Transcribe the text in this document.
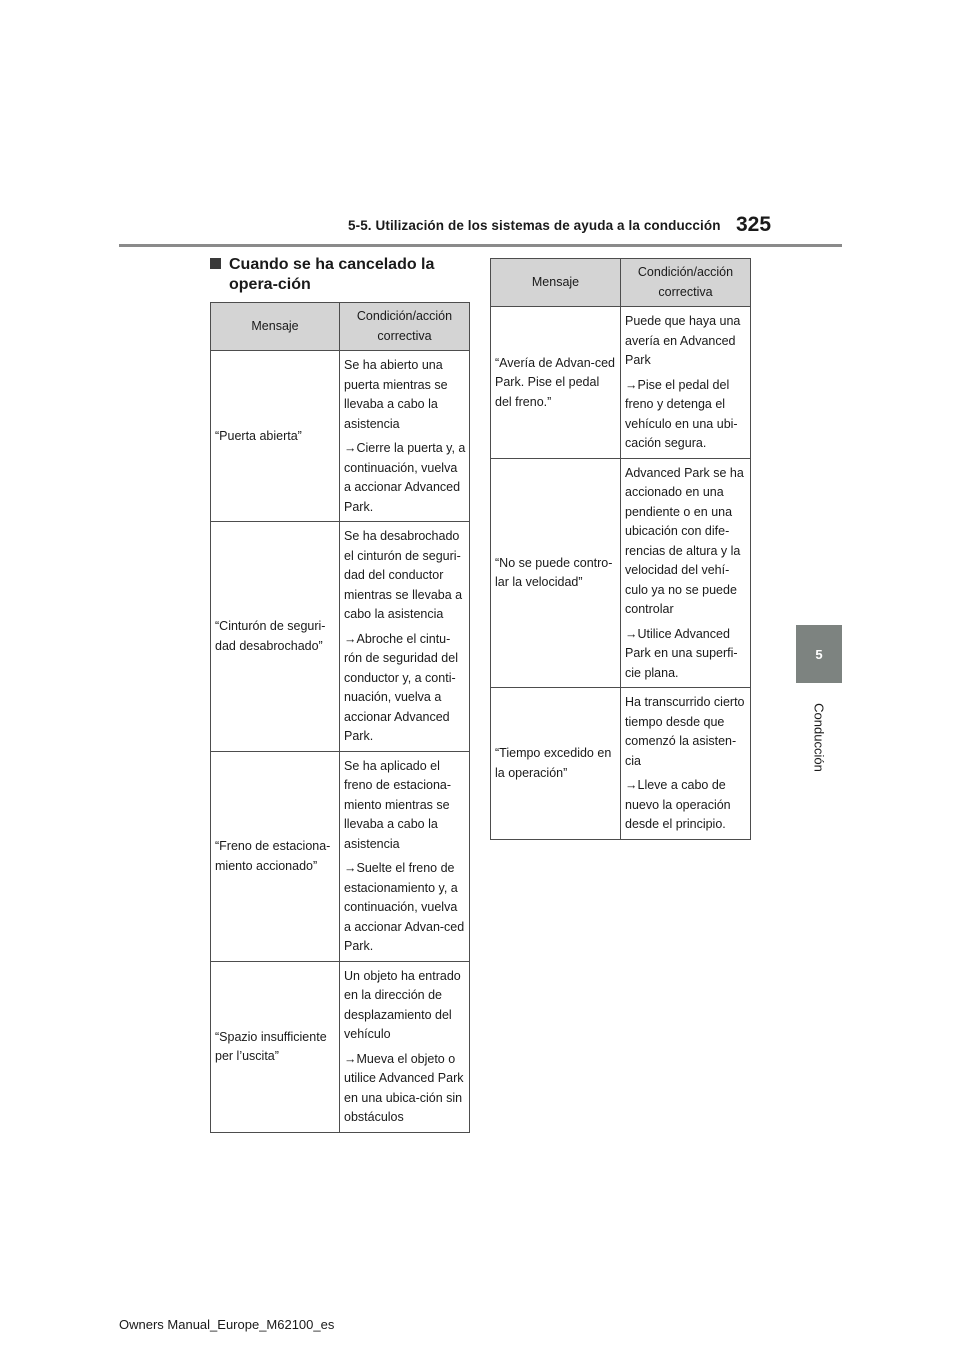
5-5. Utilización de los sistemas de ayuda a la conducción 325
5
Conducción
Cuando se ha cancelado la opera-ción
Mensaje	Condición/acción correctiva
“Puerta abierta”	Se ha abierto una puerta mientras se llevaba a cabo la asistencia

→Cierre la puerta y, a continuación, vuelva a accionar Advanced Park.

“Cinturón de seguri-dad desabrochado”	Se ha desabrochado el cinturón de seguri-dad del conductor mientras se llevaba a cabo la asistencia

→Abroche el cintu-rón de seguridad del conductor y, a conti-nuación, vuelva a accionar Advanced Park.

“Freno de estaciona-miento accionado”	Se ha aplicado el freno de estaciona-miento mientras se llevaba a cabo la asistencia

→Suelte el freno de estacionamiento y, a continuación, vuelva a accionar Advan-ced Park.

“Spazio insufficiente per l’uscita”	Un objeto ha entrado en la dirección de desplazamiento del vehículo

→Mueva el objeto o utilice Advanced Park en una ubica-ción sin obstáculos

Mensaje	Condición/acción correctiva
“Avería de Advan-ced Park. Pise el pedal del freno.”	Puede que haya una avería en Advanced Park

→Pise el pedal del freno y detenga el vehículo en una ubi-cación segura.

“No se puede contro-lar la velocidad”	Advanced Park se ha accionado en una pendiente o en una ubicación con dife-rencias de altura y la velocidad del vehí-culo ya no se puede controlar

→Utilice Advanced Park en una superfi-cie plana.

“Tiempo excedido en la operación”	Ha transcurrido cierto tiempo desde que comenzó la asisten-cia

→Lleve a cabo de nuevo la operación desde el principio.

Owners Manual_Europe_M62100_es
